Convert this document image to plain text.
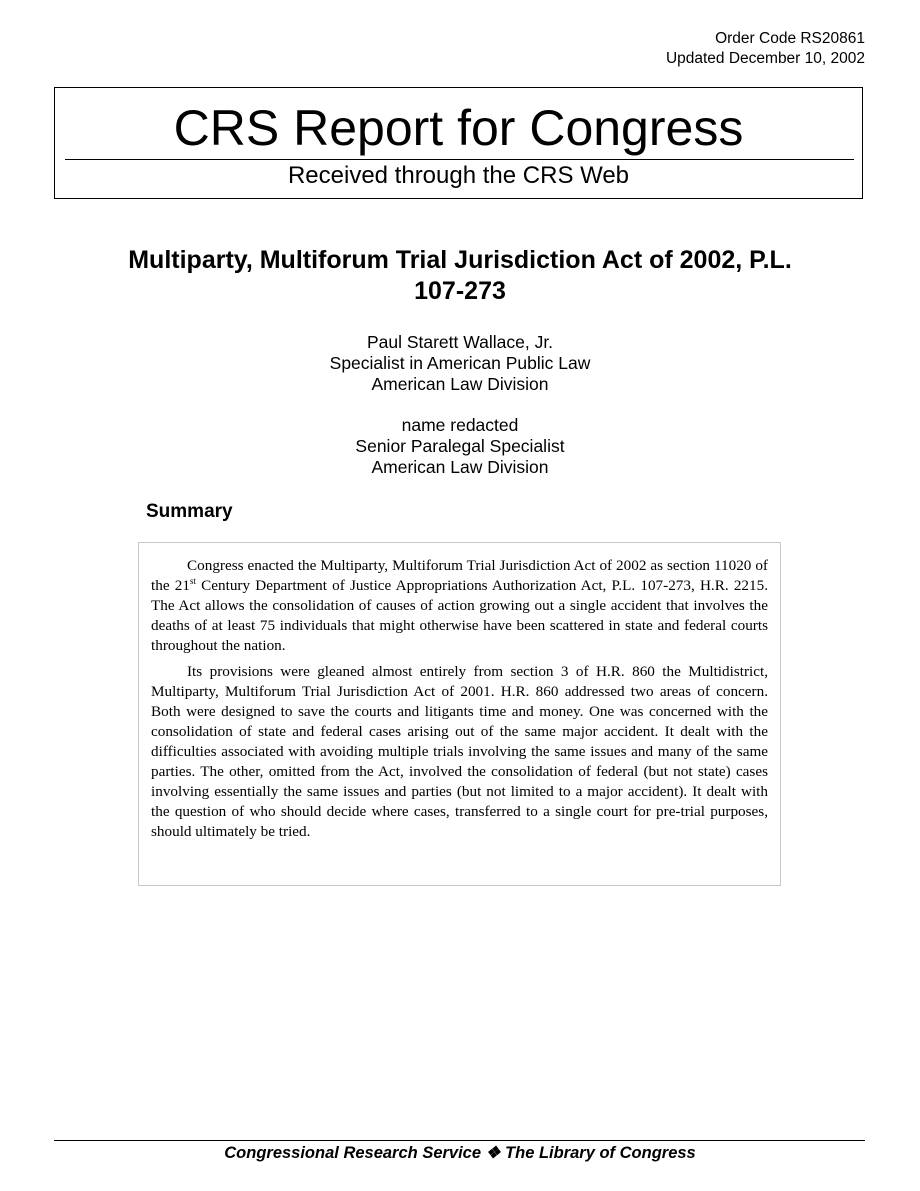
Order Code RS20861
Updated December 10, 2002
CRS Report for Congress
Received through the CRS Web
Multiparty, Multiforum Trial Jurisdiction Act of 2002, P.L. 107-273
Paul Starett Wallace, Jr.
Specialist in American Public Law
American Law Division
name redacted
Senior Paralegal Specialist
American Law Division
Summary

Congress enacted the Multiparty, Multiforum Trial Jurisdiction Act of 2002 as section 11020 of the 21st Century Department of Justice Appropriations Authorization Act, P.L. 107-273, H.R. 2215. The Act allows the consolidation of causes of action growing out a single accident that involves the deaths of at least 75 individuals that might otherwise have been scattered in state and federal courts throughout the nation.

Its provisions were gleaned almost entirely from section 3 of H.R. 860 the Multidistrict, Multiparty, Multiforum Trial Jurisdiction Act of 2001. H.R. 860 addressed two areas of concern. Both were designed to save the courts and litigants time and money. One was concerned with the consolidation of state and federal cases arising out of the same major accident. It dealt with the difficulties associated with avoiding multiple trials involving the same issues and many of the same parties. The other, omitted from the Act, involved the consolidation of federal (but not state) cases involving essentially the same issues and parties (but not limited to a major accident). It dealt with the question of who should decide where cases, transferred to a single court for pre-trial purposes, should ultimately be tried.

Congressional Research Service ❖ The Library of Congress
